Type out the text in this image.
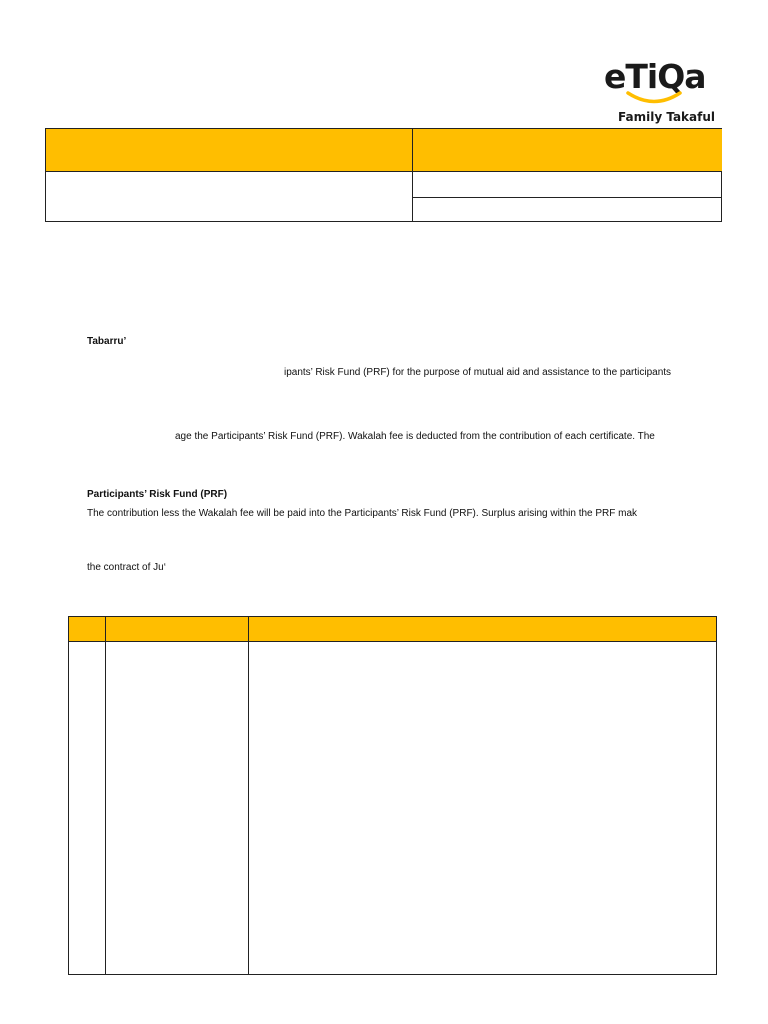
eTiQa
Family Takaful
Tabarru’
ipants’ Risk Fund (PRF) for the purpose of mutual aid and assistance to the participants
age the Participants’ Risk Fund (PRF). Wakalah fee is deducted from the contribution of each certificate. The
Participants’ Risk Fund (PRF)
The contribution less the Wakalah fee will be paid into the Participants’ Risk Fund (PRF). Surplus arising within the PRF mak
the contract of Ju‘
